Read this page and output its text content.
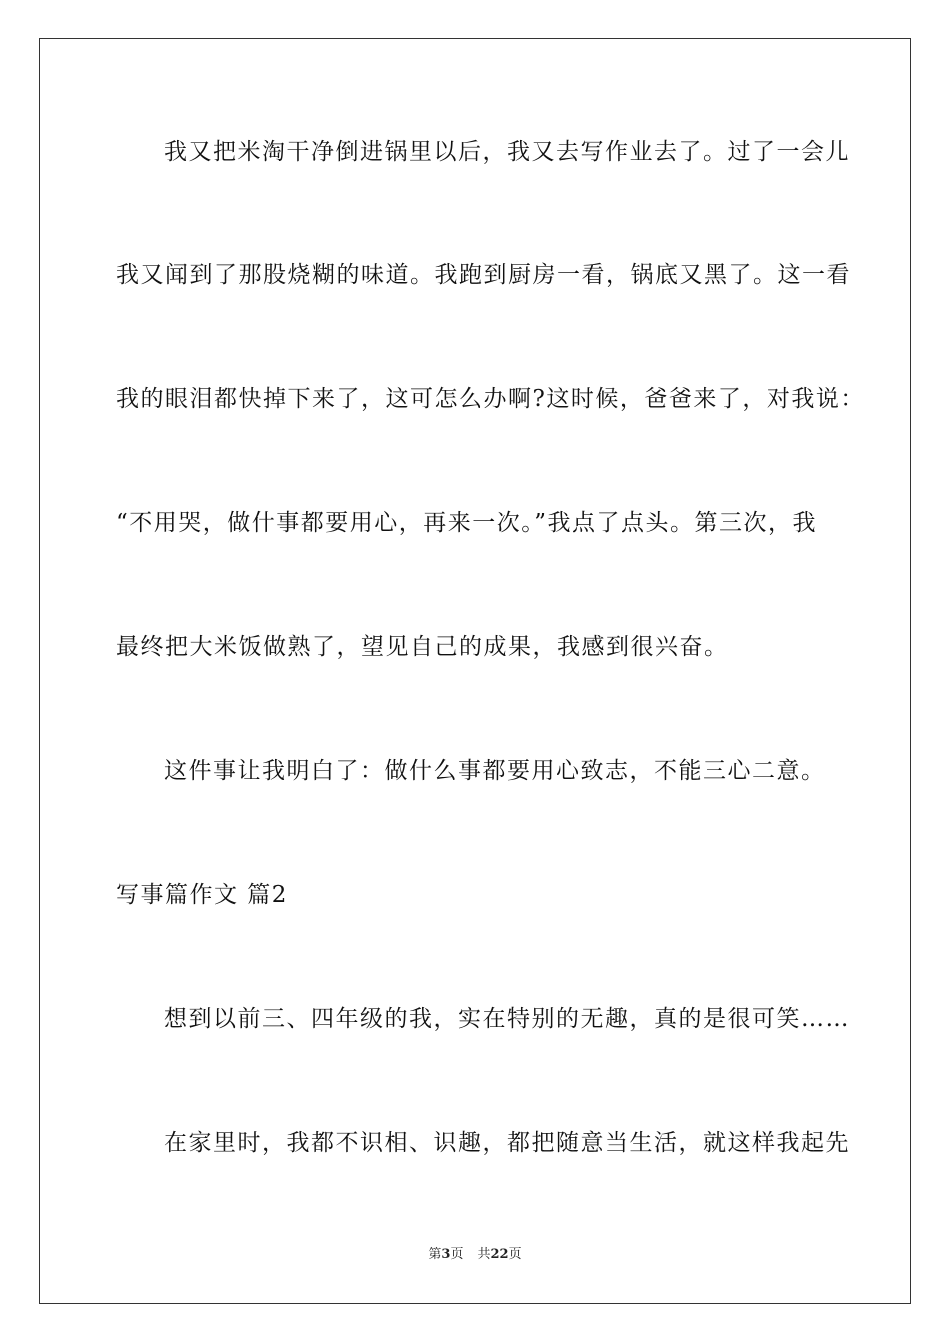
我又把米淘干净倒进锅里以后，我又去写作业去了。过了一会儿
我又闻到了那股烧糊的味道。我跑到厨房一看，锅底又黑了。这一看
我的眼泪都快掉下来了，这可怎么办啊?这时候，爸爸来了，对我说：
“不用哭，做什事都要用心，再来一次。”我点了点头。第三次，我
最终把大米饭做熟了，望见自己的成果，我感到很兴奋。
这件事让我明白了：做什么事都要用心致志，不能三心二意。
写事篇作文 篇2
想到以前三、四年级的我，实在特别的无趣，真的是很可笑……
在家里时，我都不识相、识趣，都把随意当生活，就这样我起先
第3页 共22页
